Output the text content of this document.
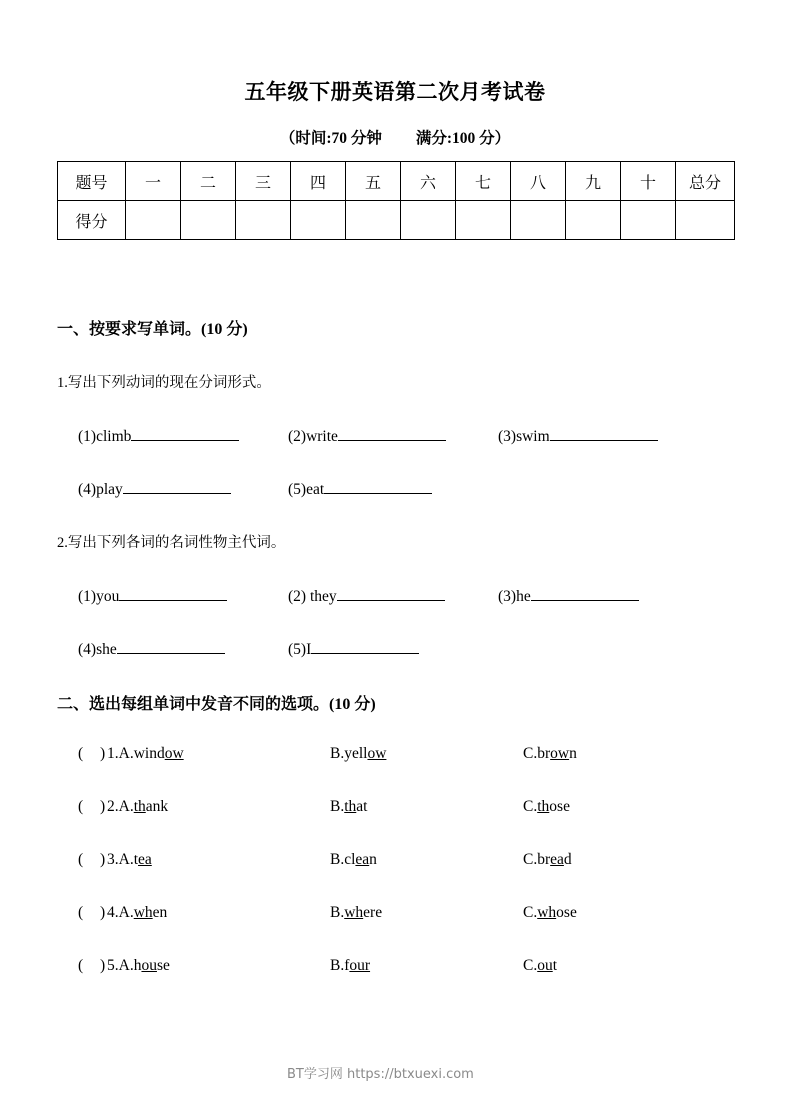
五年级下册英语第二次月考试卷
（时间:70 分钟 满分:100 分）
题号	一	二	三	四	五	六	七	八	九	十	总分
得分											
一、按要求写单词。(10 分)
1.写出下列动词的现在分词形式。
(1)climb	(2)write	(3)swim
(4)play	(5)eat
2.写出下列各词的名词性物主代词。
(1)you	(2) they	(3)he
(4)she	(5)I
二、选出每组单词中发音不同的选项。(10 分)
( ) 1.A.window	B.yellow	C.brown
( ) 2.A.thank	B.that	C.those
( ) 3.A.tea	B.clean	C.bread
( ) 4.A.when	B.where	C.whose
( ) 5.A.house	B.four	C.out
BT学习网 https://btxuexi.com
